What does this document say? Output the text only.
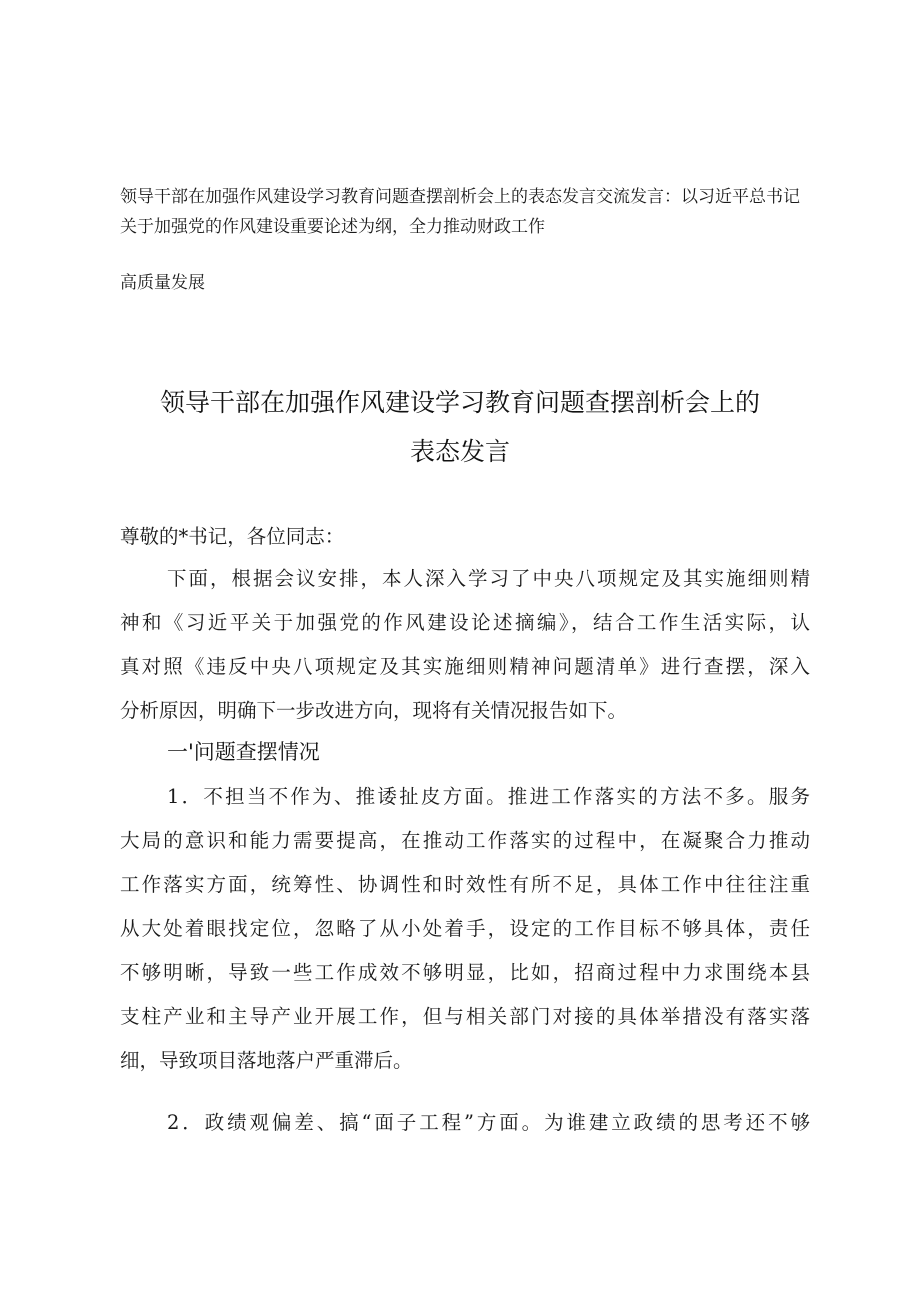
领导干部在加强作风建设学习教育问题查摆剖析会上的表态发言交流发言：以习近平总书记
关于加强党的作风建设重要论述为纲，全力推动财政工作
高质量发展
领导干部在加强作风建设学习教育问题查摆剖析会上的
表态发言
尊敬的*书记，各位同志：
下面，根据会议安排，本人深入学习了中央八项规定及其实施细则精
神和《习近平关于加强党的作风建设论述摘编》，结合工作生活实际，认
真对照《违反中央八项规定及其实施细则精神问题清单》进行查摆，深入
分析原因，明确下一步改进方向，现将有关情况报告如下。
一'问题查摆情况
1．不担当不作为、推诿扯皮方面。推进工作落实的方法不多。服务
大局的意识和能力需要提高，在推动工作落实的过程中，在凝聚合力推动
工作落实方面，统筹性、协调性和时效性有所不足，具体工作中往往注重
从大处着眼找定位，忽略了从小处着手，设定的工作目标不够具体，责任
不够明晰，导致一些工作成效不够明显，比如，招商过程中力求围绕本县
支柱产业和主导产业开展工作，但与相关部门对接的具体举措没有落实落
细，导致项目落地落户严重滞后。
2．政绩观偏差、搞“面子工程”方面。为谁建立政绩的思考还不够
